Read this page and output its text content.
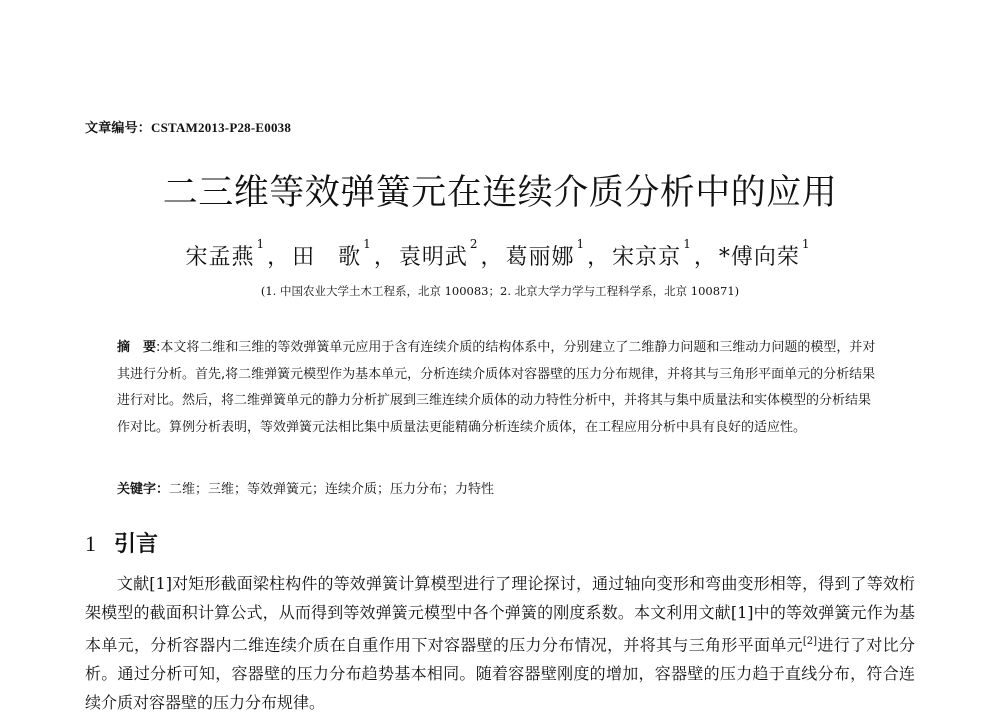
文章编号：CSTAM2013-P28-E0038
二三维等效弹簧元在连续介质分析中的应用
宋孟燕$^1$，田　歌$^1$，袁明武$^2$，葛丽娜$^1$，宋京京$^1$，*傅向荣$^1$
(1. 中国农业大学土木工程系，北京 100083；2. 北京大学力学与工程科学系，北京 100871)
摘　要:本文将二维和三维的等效弹簧单元应用于含有连续介质的结构体系中，分别建立了二维静力问题和三维动力问题的模型，并对其进行分析。首先,将二维弹簧元模型作为基本单元，分析连续介质体对容器壁的压力分布规律，并将其与三角形平面单元的分析结果进行对比。然后，将二维弹簧单元的静力分析扩展到三维连续介质体的动力特性分析中，并将其与集中质量法和实体模型的分析结果作对比。算例分析表明，等效弹簧元法相比集中质量法更能精确分析连续介质体，在工程应用分析中具有良好的适应性。
关键字：二维；三维；等效弹簧元；连续介质；压力分布；力特性
1 引言

文献[1]对矩形截面梁柱构件的等效弹簧计算模型进行了理论探讨，通过轴向变形和弯曲变形相等，得到了等效桁架模型的截面积计算公式，从而得到等效弹簧元模型中各个弹簧的刚度系数。本文利用文献[1]中的等效弹簧元作为基本单元，分析容器内二维连续介质在自重作用下对容器壁的压力分布情况，并将其与三角形平面单元[2]进行了对比分析。通过分析可知，容器壁的压力分布趋势基本相同。随着容器壁刚度的增加，容器壁的压力趋于直线分布，符合连续介质对容器壁的压力分布规律。
